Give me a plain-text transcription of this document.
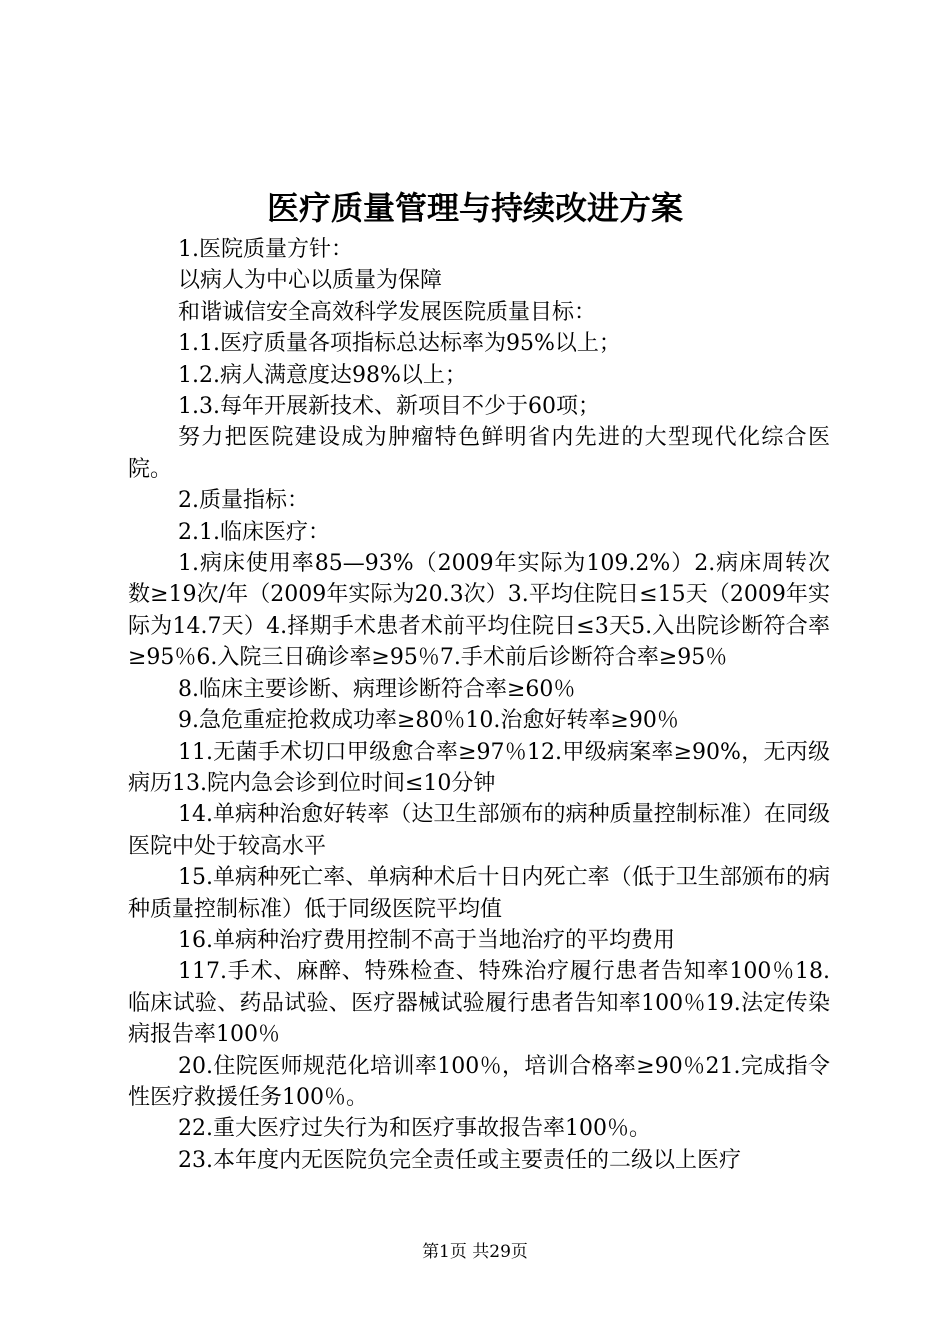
医疗质量管理与持续改进方案

1.医院质量方针：

以病人为中心以质量为保障

和谐诚信安全高效科学发展医院质量目标：

1.1.医疗质量各项指标总达标率为95%以上；

1.2.病人满意度达98%以上；

1.3.每年开展新技术、新项目不少于60项；

努力把医院建设成为肿瘤特色鲜明省内先进的大型现代化综合医院。

2.质量指标：

2.1.临床医疗：

1.病床使用率85—93%（2009年实际为109.2%）2.病床周转次数≥19次/年（2009年实际为20.3次）3.平均住院日≤15天（2009年实际为14.7天）4.择期手术患者术前平均住院日≤3天5.入出院诊断符合率≥95％6.入院三日确诊率≥95％7.手术前后诊断符合率≥95％

8.临床主要诊断、病理诊断符合率≥60％

9.急危重症抢救成功率≥80％10.治愈好转率≥90％

11.无菌手术切口甲级愈合率≥97％12.甲级病案率≥90%，无丙级病历13.院内急会诊到位时间≤10分钟

14.单病种治愈好转率（达卫生部颁布的病种质量控制标准）在同级医院中处于较高水平

15.单病种死亡率、单病种术后十日内死亡率（低于卫生部颁布的病种质量控制标准）低于同级医院平均值

16.单病种治疗费用控制不高于当地治疗的平均费用

117.手术、麻醉、特殊检查、特殊治疗履行患者告知率100％18.临床试验、药品试验、医疗器械试验履行患者告知率100％19.法定传染病报告率100％

20.住院医师规范化培训率100％，培训合格率≥90％21.完成指令性医疗救援任务100％。

22.重大医疗过失行为和医疗事故报告率100％。

23.本年度内无医院负完全责任或主要责任的二级以上医疗

第1页 共29页
